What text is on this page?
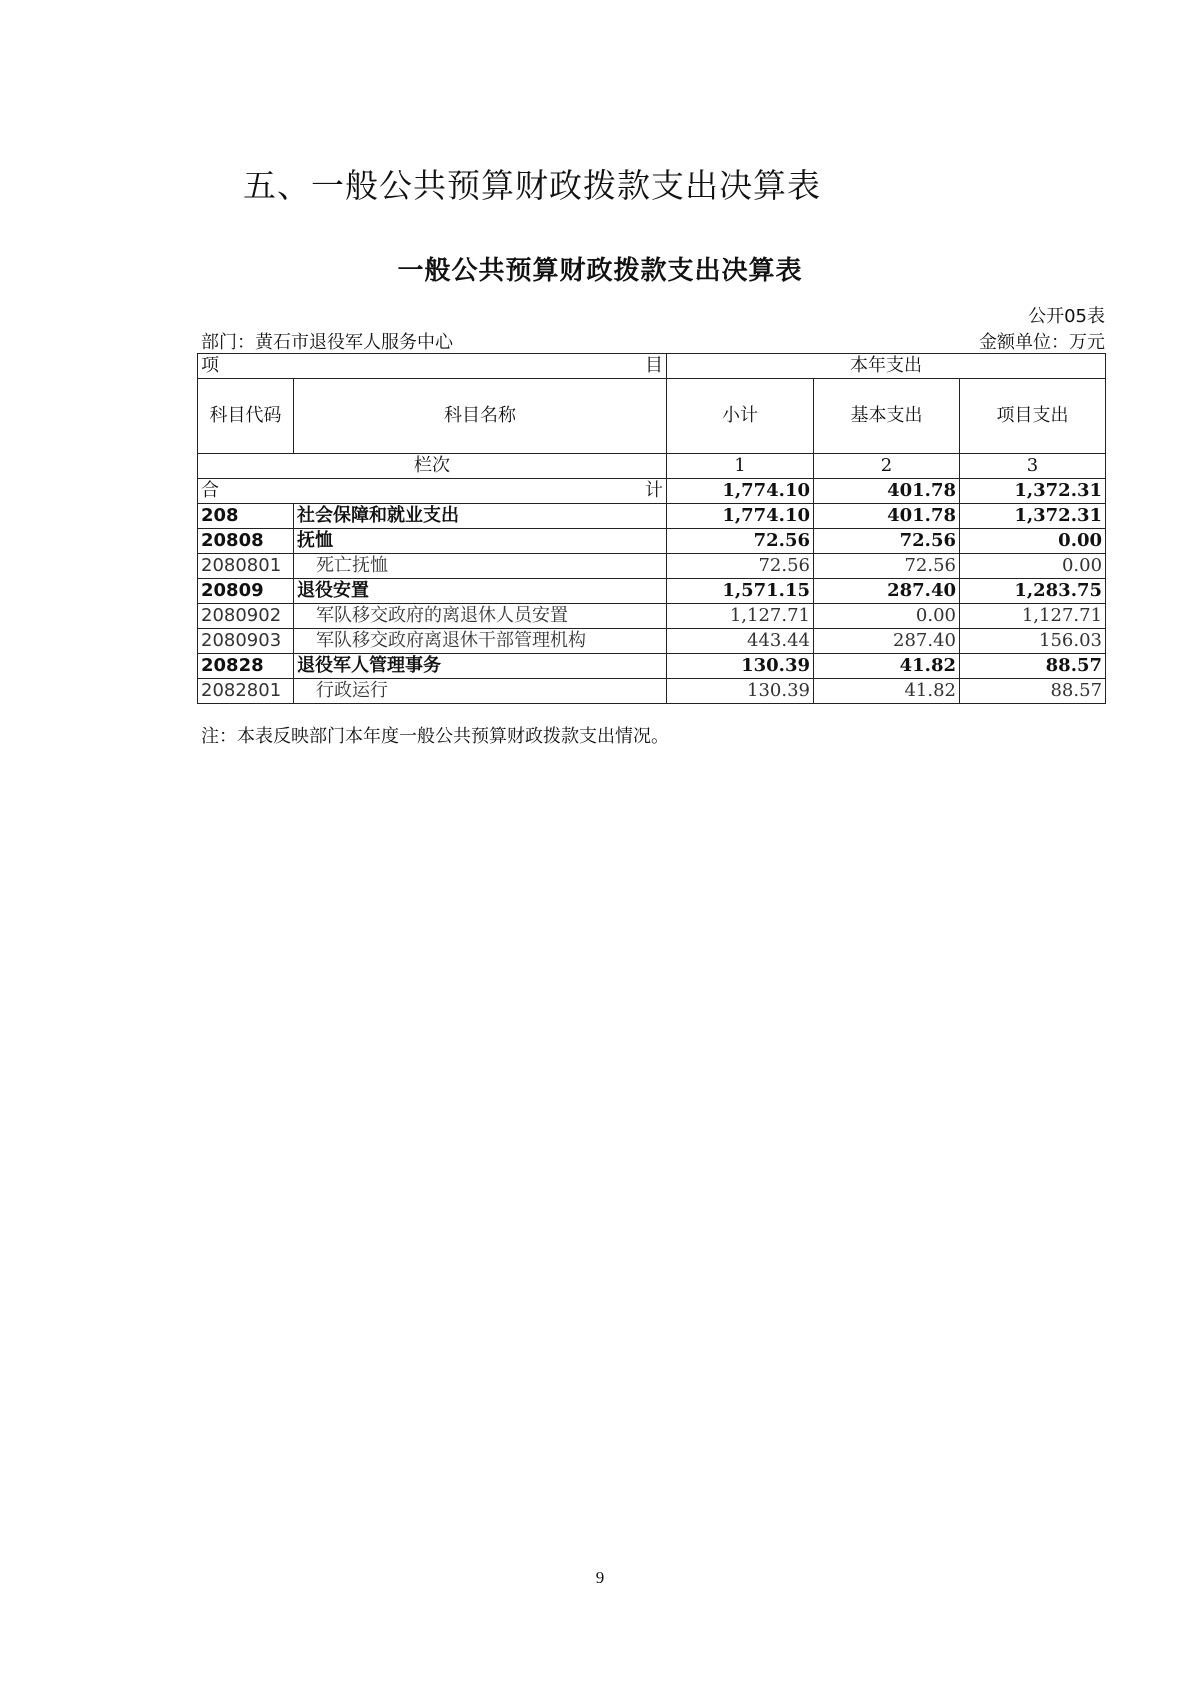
五、一般公共预算财政拨款支出决算表
一般公共预算财政拨款支出决算表
公开05表
部门：黄石市退役军人服务中心	金额单位：万元
项 目		本年支出		
科目代码	科目名称	小计	基本支出	项目支出
栏次		1	2	3

合 计		1,774.10	401.78	1,372.31
208	社会保障和就业支出	1,774.10	401.78	1,372.31
20808	抚恤	72.56	72.56	0.00
2080801	死亡抚恤	72.56	72.56	0.00
20809	退役安置	1,571.15	287.40	1,283.75
2080902	军队移交政府的离退休人员安置	1,127.71	0.00	1,127.71
2080903	军队移交政府离退休干部管理机构	443.44	287.40	156.03
20828	退役军人管理事务	130.39	41.82	88.57
2082801	行政运行	130.39	41.82	88.57
注：本表反映部门本年度一般公共预算财政拨款支出情况。
9
